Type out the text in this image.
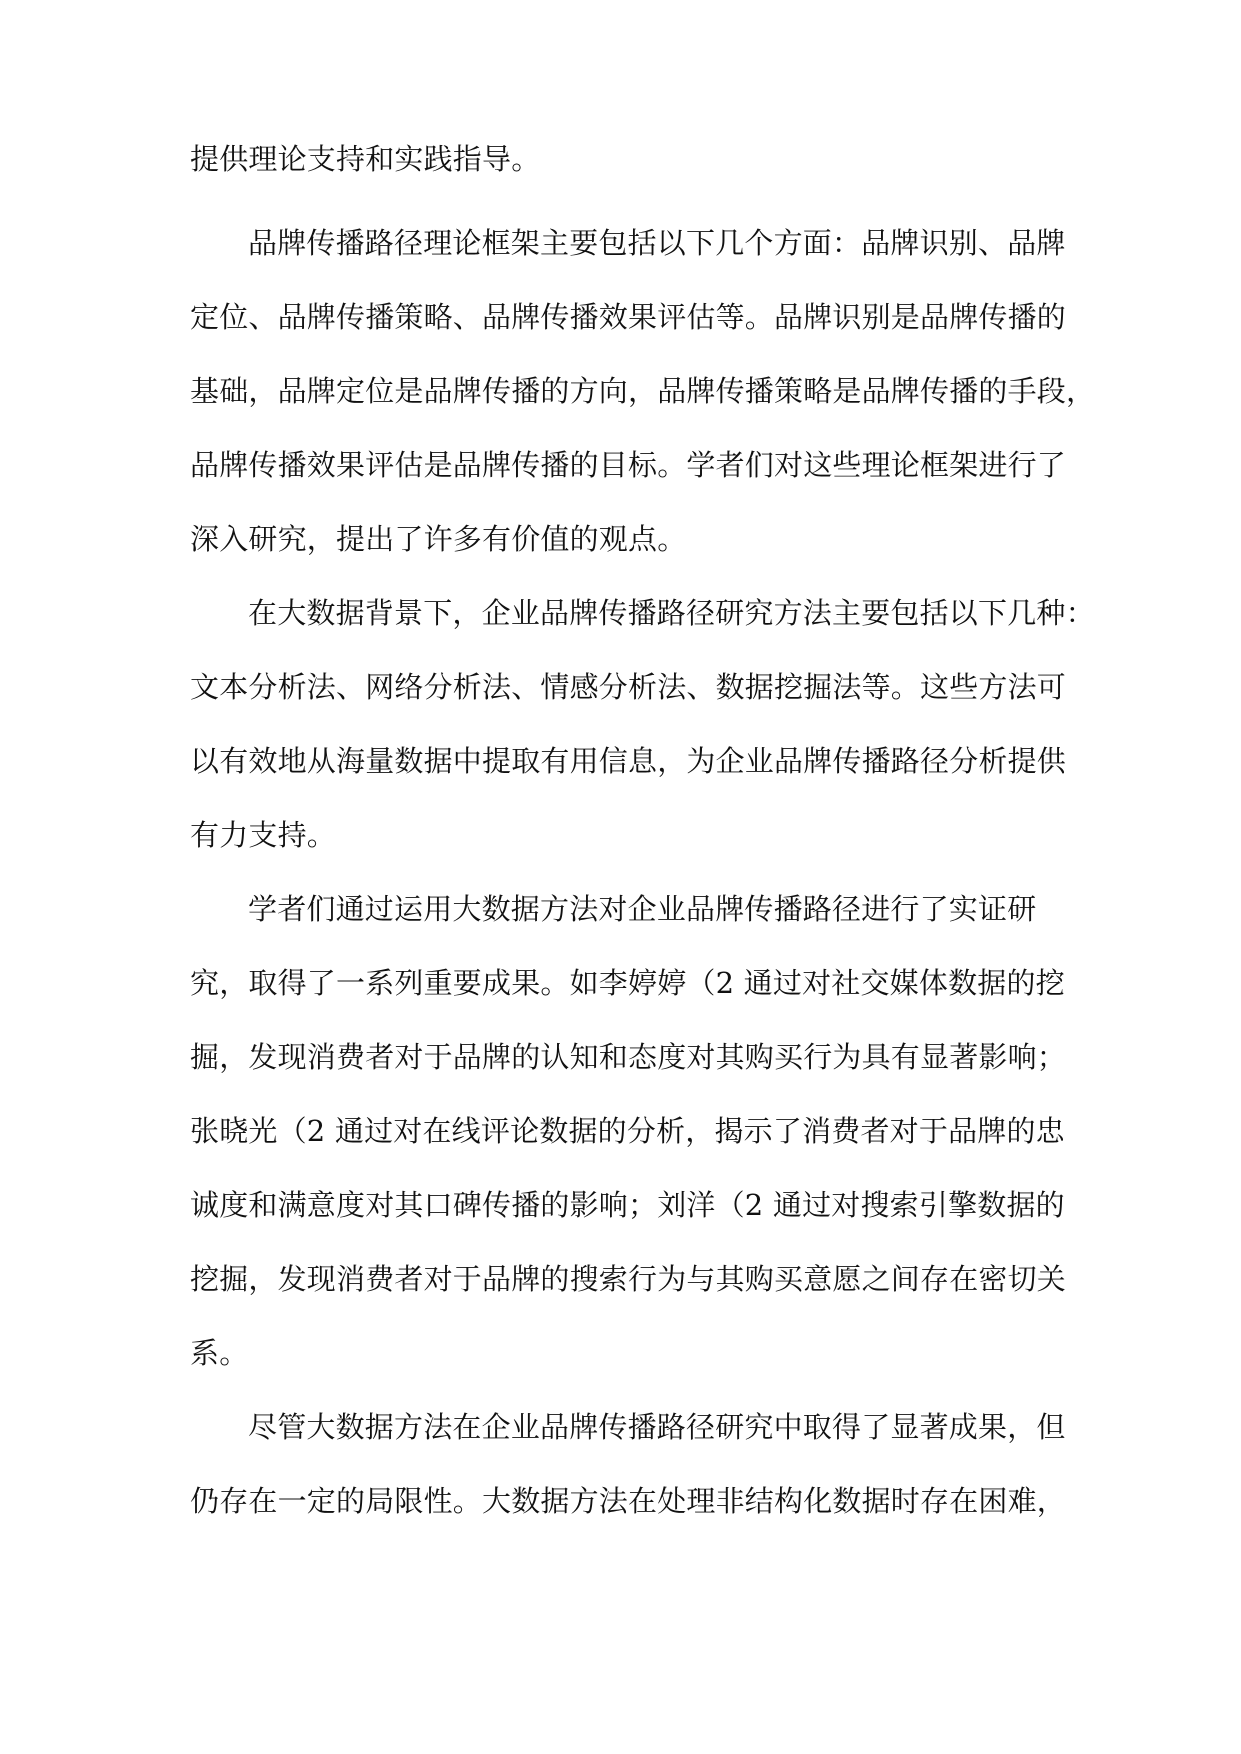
提供理论支持和实践指导。
品牌传播路径理论框架主要包括以下几个方面：品牌识别、品牌
定位、品牌传播策略、品牌传播效果评估等。品牌识别是品牌传播的
基础，品牌定位是品牌传播的方向，品牌传播策略是品牌传播的手段，
品牌传播效果评估是品牌传播的目标。学者们对这些理论框架进行了
深入研究，提出了许多有价值的观点。
在大数据背景下，企业品牌传播路径研究方法主要包括以下几种：
文本分析法、网络分析法、情感分析法、数据挖掘法等。这些方法可
以有效地从海量数据中提取有用信息，为企业品牌传播路径分析提供
有力支持。
学者们通过运用大数据方法对企业品牌传播路径进行了实证研
究，取得了一系列重要成果。如李婷婷（2 通过对社交媒体数据的挖
掘，发现消费者对于品牌的认知和态度对其购买行为具有显著影响；
张晓光（2 通过对在线评论数据的分析，揭示了消费者对于品牌的忠
诚度和满意度对其口碑传播的影响；刘洋（2 通过对搜索引擎数据的
挖掘，发现消费者对于品牌的搜索行为与其购买意愿之间存在密切关
系。
尽管大数据方法在企业品牌传播路径研究中取得了显著成果，但
仍存在一定的局限性。大数据方法在处理非结构化数据时存在困难，
